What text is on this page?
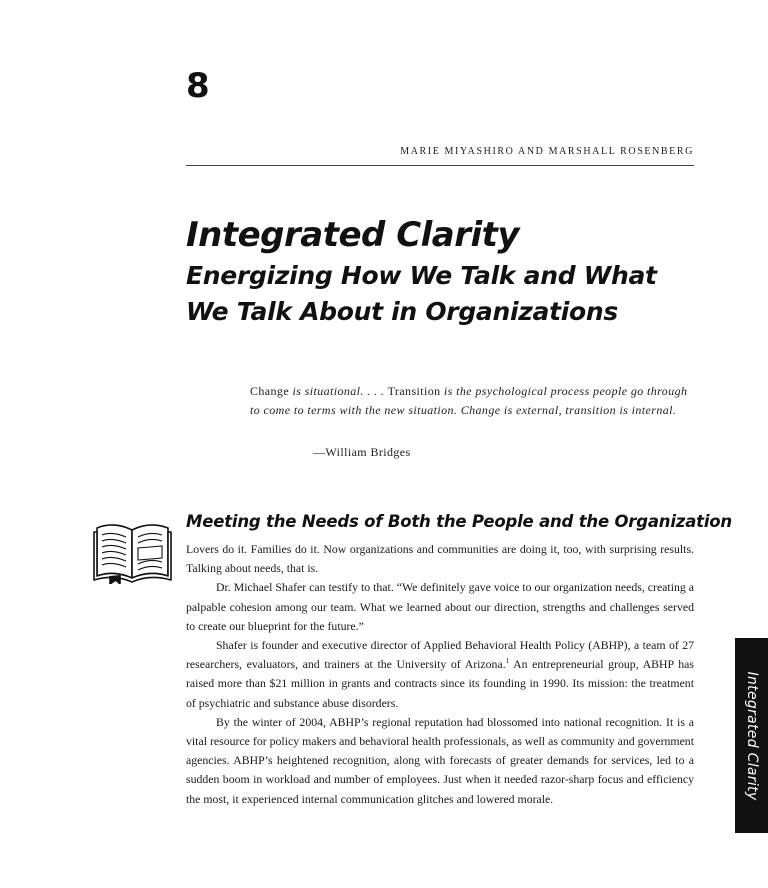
8
MARIE MIYASHIRO AND MARSHALL ROSENBERG
Integrated Clarity
Energizing How We Talk and What We Talk About in Organizations
Change is situational. . . . Transition is the psychological process people go through to come to terms with the new situation. Change is external, transition is internal.
—William Bridges
Meeting the Needs of Both the People and the Organization

Lovers do it. Families do it. Now organizations and communities are doing it, too, with surprising results. Talking about needs, that is.

Dr. Michael Shafer can testify to that. “We definitely gave voice to our organization needs, creating a palpable cohesion among our team. What we learned about our direction, strengths and challenges served to create our blueprint for the future.”

Shafer is founder and executive director of Applied Behavioral Health Policy (ABHP), a team of 27 researchers, evaluators, and trainers at the University of Arizona.$^1$ An entrepreneurial group, ABHP has raised more than $21 million in grants and contracts since its founding in 1990. Its mission: the treatment of psychiatric and substance abuse disorders.

By the winter of 2004, ABHP’s regional reputation had blossomed into national recognition. It is a vital resource for policy makers and behavioral health professionals, as well as community and government agencies. ABHP’s heightened recognition, along with forecasts of greater demands for services, led to a sudden boom in workload and number of employees. Just when it needed razor-sharp focus and efficiency the most, it experienced internal communication glitches and lowered morale.	Integrated Clarity
